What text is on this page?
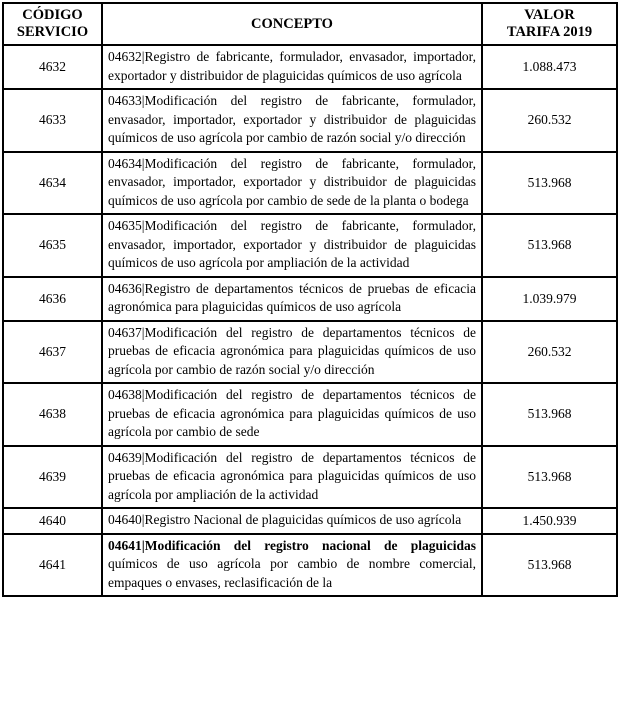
CÓDIGO
SERVICIO	CONCEPTO	VALOR
TARIFA 2019

4632	04632|Registro de fabricante, formulador, envasador, importador, exportador y distribuidor de plaguicidas químicos de uso agrícola	1.088.473
4633	04633|Modificación del registro de fabricante, formulador, envasador, importador, exportador y distribuidor de plaguicidas químicos de uso agrícola por cambio de razón social y/o dirección	260.532
4634	04634|Modificación del registro de fabricante, formulador, envasador, importador, exportador y distribuidor de plaguicidas químicos de uso agrícola por cambio de sede de la planta o bodega	513.968
4635	04635|Modificación del registro de fabricante, formulador, envasador, importador, exportador y distribuidor de plaguicidas químicos de uso agrícola por ampliación de la actividad	513.968
4636	04636|Registro de departamentos técnicos de pruebas de eficacia agronómica para plaguicidas químicos de uso agrícola	1.039.979
4637	04637|Modificación del registro de departamentos técnicos de pruebas de eficacia agronómica para plaguicidas químicos de uso agrícola por cambio de razón social y/o dirección	260.532
4638	04638|Modificación del registro de departamentos técnicos de pruebas de eficacia agronómica para plaguicidas químicos de uso agrícola por cambio de sede	513.968
4639	04639|Modificación del registro de departamentos técnicos de pruebas de eficacia agronómica para plaguicidas químicos de uso agrícola por ampliación de la actividad	513.968
4640	04640|Registro Nacional de plaguicidas químicos de uso agrícola	1.450.939
4641	04641|Modificación del registro nacional de plaguicidas químicos de uso agrícola por cambio de nombre comercial, empaques o envases, reclasificación de la	513.968
